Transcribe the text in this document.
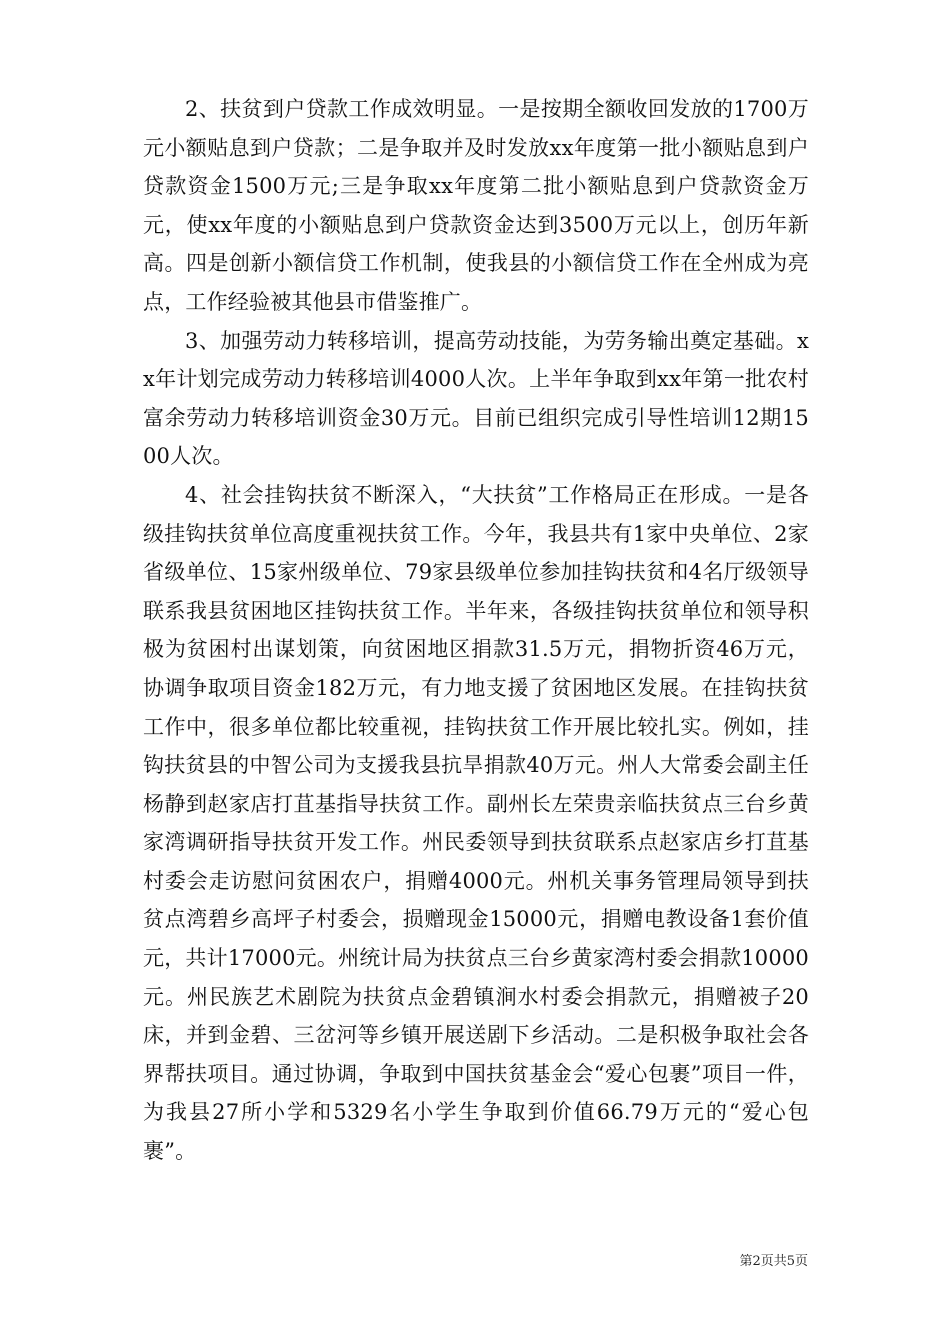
2、扶贫到户贷款工作成效明显。一是按期全额收回发放的1700万元小额贴息到户贷款；二是争取并及时发放xx年度第一批小额贴息到户贷款资金1500万元;三是争取xx年度第二批小额贴息到户贷款资金万元，使xx年度的小额贴息到户贷款资金达到3500万元以上，创历年新高。四是创新小额信贷工作机制，使我县的小额信贷工作在全州成为亮点，工作经验被其他县市借鉴推广。

3、加强劳动力转移培训，提高劳动技能，为劳务输出奠定基础。xx年计划完成劳动力转移培训4000人次。上半年争取到xx年第一批农村富余劳动力转移培训资金30万元。目前已组织完成引导性培训12期1500人次。

4、社会挂钩扶贫不断深入，“大扶贫”工作格局正在形成。一是各级挂钩扶贫单位高度重视扶贫工作。今年，我县共有1家中央单位、2家省级单位、15家州级单位、79家县级单位参加挂钩扶贫和4名厅级领导联系我县贫困地区挂钩扶贫工作。半年来，各级挂钩扶贫单位和领导积极为贫困村出谋划策，向贫困地区捐款31.5万元，捐物折资46万元，协调争取项目资金182万元，有力地支援了贫困地区发展。在挂钩扶贫工作中，很多单位都比较重视，挂钩扶贫工作开展比较扎实。例如，挂钩扶贫县的中智公司为支援我县抗旱捐款40万元。州人大常委会副主任杨静到赵家店打苴基指导扶贫工作。副州长左荣贵亲临扶贫点三台乡黄家湾调研指导扶贫开发工作。州民委领导到扶贫联系点赵家店乡打苴基村委会走访慰问贫困农户，捐赠4000元。州机关事务管理局领导到扶贫点湾碧乡高坪子村委会，损赠现金15000元，捐赠电教设备1套价值元，共计17000元。州统计局为扶贫点三台乡黄家湾村委会捐款10000元。州民族艺术剧院为扶贫点金碧镇涧水村委会捐款元，捐赠被子20床，并到金碧、三岔河等乡镇开展送剧下乡活动。二是积极争取社会各界帮扶项目。通过协调，争取到中国扶贫基金会“爱心包裹”项目一件，为我县27所小学和5329名小学生争取到价值66.79万元的“爱心包裹”。

第2页共5页
